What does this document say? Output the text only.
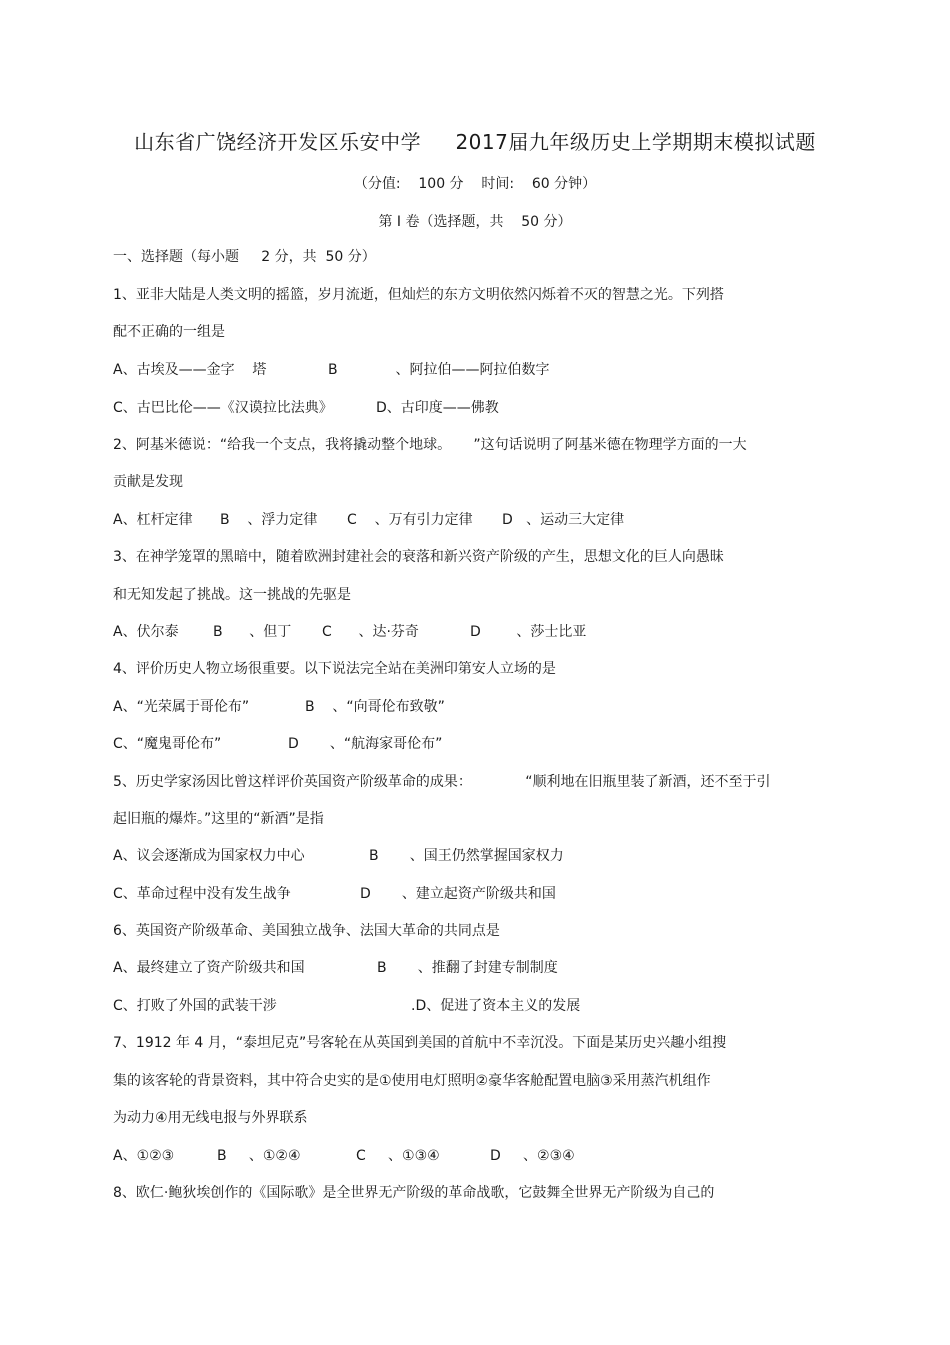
山东省广饶经济开发区乐安中学     2017届九年级历史上学期期末模拟试题
（分值:    100 分    时间:    60 分钟）
第 I 卷（选择题，共    50 分）
一、选择题（每小题     2 分，共  50 分）
1、亚非大陆是人类文明的摇篮，岁月流逝，但灿烂的东方文明依然闪烁着不灭的智慧之光。下列搭
配不正确的一组是
A、古埃及——金字    塔	B             、阿拉伯——阿拉伯数字
C、古巴比伦——《汉谟拉比法典》	D、古印度——佛教
2、阿基米德说：“给我一个支点，我将撬动整个地球。     ”这句话说明了阿基米德在物理学方面的一大
贡献是发现
A、杠杆定律 B    、浮力定律 C    、万有引力定律 D   、运动三大定律
3、在神学笼罩的黑暗中，随着欧洲封建社会的衰落和新兴资产阶级的产生，思想文化的巨人向愚昧
和无知发起了挑战。这一挑战的先驱是
A、伏尔泰 B      、但丁 C      、达·芬奇	D        、莎士比亚
4、评价历史人物立场很重要。以下说法完全站在美洲印第安人立场的是
A、“光荣属于哥伦布”	B    、“向哥伦布致敬”
C、“魔鬼哥伦布”	D       、“航海家哥伦布”
5、历史学家汤因比曾这样评价英国资产阶级革命的成果：            “顺利地在旧瓶里装了新酒，还不至于引
起旧瓶的爆炸。”这里的“新酒”是指
A、议会逐渐成为国家权力中心	B       、国王仍然掌握国家权力
C、革命过程中没有发生战争	D       、建立起资产阶级共和国
6、英国资产阶级革命、美国独立战争、法国大革命的共同点是
A、最终建立了资产阶级共和国	B       、推翻了封建专制制度
C、打败了外国的武装干涉	.D、促进了资本主义的发展
7、1912 年 4 月，“泰坦尼克”号客轮在从英国到美国的首航中不幸沉没。下面是某历史兴趣小组搜
集的该客轮的背景资料，其中符合史实的是①使用电灯照明②豪华客舱配置电脑③采用蒸汽机组作
为动力④用无线电报与外界联系
A、①②③	B     、①②④	C     、①③④	D     、②③④
8、欧仁·鲍狄埃创作的《国际歌》是全世界无产阶级的革命战歌，它鼓舞全世界无产阶级为自己的
